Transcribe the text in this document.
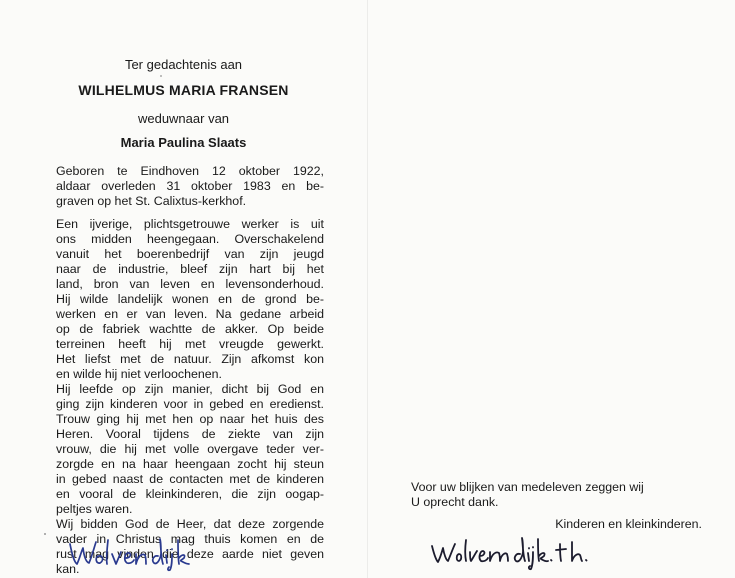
Ter gedachtenis aan
WILHELMUS MARIA FRANSEN
weduwnaar van
Maria Paulina Slaats
Geboren te Eindhoven 12 oktober 1922,
aldaar overleden 31 oktober 1983 en be-
graven op het St. Calixtus-kerkhof.
Een ijverige, plichtsgetrouwe werker is uit
ons midden heengegaan. Overschakelend
vanuit het boerenbedrijf van zijn jeugd
naar de industrie, bleef zijn hart bij het
land, bron van leven en levensonderhoud.
Hij wilde landelijk wonen en de grond be-
werken en er van leven. Na gedane arbeid
op de fabriek wachtte de akker. Op beide
terreinen heeft hij met vreugde gewerkt.
Het liefst met de natuur. Zijn afkomst kon
en wilde hij niet verloochenen.
Hij leefde op zijn manier, dicht bij God en
ging zijn kinderen voor in gebed en eredienst.
Trouw ging hij met hen op naar het huis des
Heren. Vooral tijdens de ziekte van zijn
vrouw, die hij met volle overgave teder ver-
zorgde en na haar heengaan zocht hij steun
in gebed naast de contacten met de kinderen
en vooral de kleinkinderen, die zijn oogap-
peltjes waren.
Wij bidden God de Heer, dat deze zorgende
vader in Christus mag thuis komen en de
rust mag vinden die deze aarde niet geven
kan.
Voor uw blijken van medeleven zeggen wij
U oprecht dank.
Kinderen en kleinkinderen.
